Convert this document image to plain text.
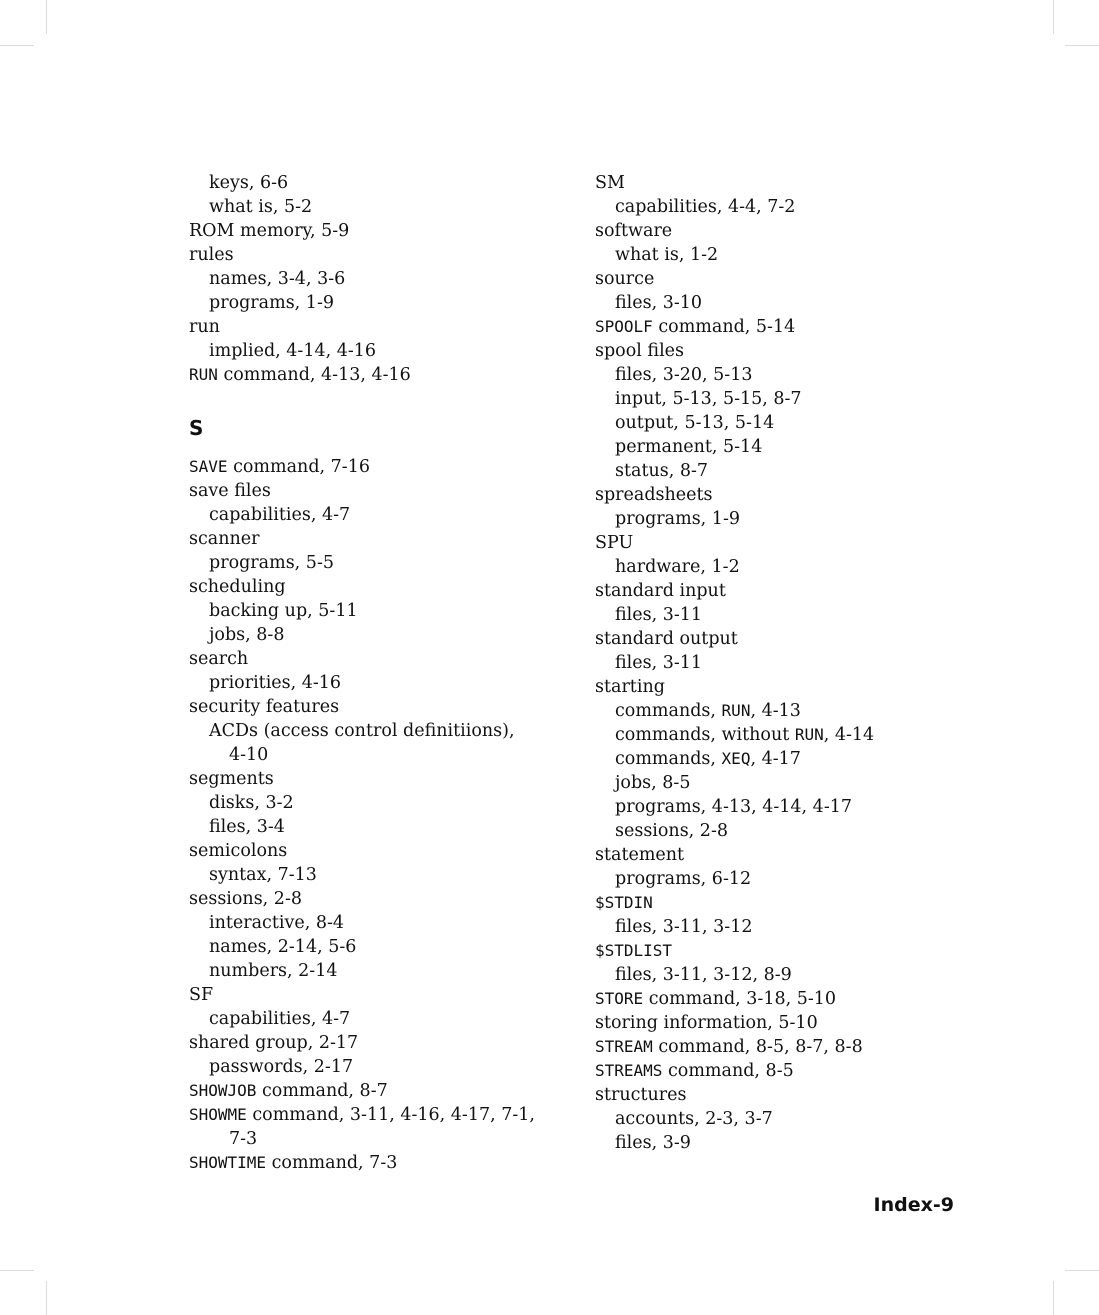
keys, 6-6
what is, 5-2
ROM memory, 5-9
rules
names, 3-4, 3-6
programs, 1-9
run
implied, 4-14, 4-16
RUN command, 4-13, 4-16
S
SAVE command, 7-16
save files
capabilities, 4-7
scanner
programs, 5-5
scheduling
backing up, 5-11
jobs, 8-8
search
priorities, 4-16
security features
ACDs (access control definitiions),
4-10
segments
disks, 3-2
files, 3-4
semicolons
syntax, 7-13
sessions, 2-8
interactive, 8-4
names, 2-14, 5-6
numbers, 2-14
SF
capabilities, 4-7
shared group, 2-17
passwords, 2-17
SHOWJOB command, 8-7
SHOWME command, 3-11, 4-16, 4-17, 7-1,
7-3
SHOWTIME command, 7-3
SM
capabilities, 4-4, 7-2
software
what is, 1-2
source
files, 3-10
SPOOLF command, 5-14
spool files
files, 3-20, 5-13
input, 5-13, 5-15, 8-7
output, 5-13, 5-14
permanent, 5-14
status, 8-7
spreadsheets
programs, 1-9
SPU
hardware, 1-2
standard input
files, 3-11
standard output
files, 3-11
starting
commands, RUN, 4-13
commands, without RUN, 4-14
commands, XEQ, 4-17
jobs, 8-5
programs, 4-13, 4-14, 4-17
sessions, 2-8
statement
programs, 6-12
$STDIN
files, 3-11, 3-12
$STDLIST
files, 3-11, 3-12, 8-9
STORE command, 3-18, 5-10
storing information, 5-10
STREAM command, 8-5, 8-7, 8-8
STREAMS command, 8-5
structures
accounts, 2-3, 3-7
files, 3-9
Index-9
